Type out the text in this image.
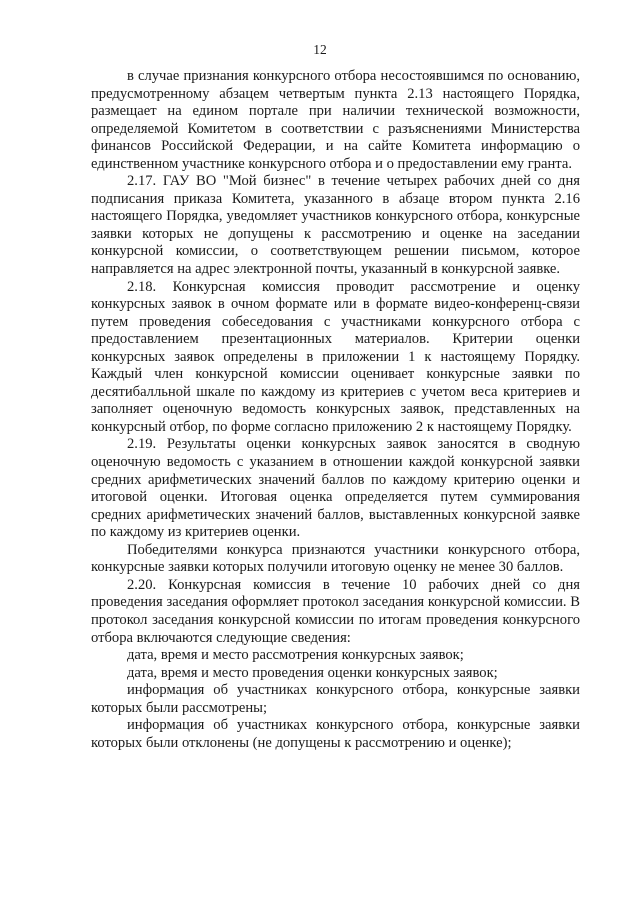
12

в случае признания конкурсного отбора несостоявшимся по основанию, предусмотренному абзацем четвертым пункта 2.13 настоящего Порядка, размещает на едином портале при наличии технической возможности, определяемой Комитетом в соответствии с разъяснениями Министерства финансов Российской Федерации, и на сайте Комитета информацию о единственном участнике конкурсного отбора и о предоставлении ему гранта.

2.17. ГАУ ВО "Мой бизнес" в течение четырех рабочих дней со дня подписания приказа Комитета, указанного в абзаце втором пункта 2.16 настоящего Порядка, уведомляет участников конкурсного отбора, конкурсные заявки которых не допущены к рассмотрению и оценке на заседании конкурсной комиссии, о соответствующем решении письмом, которое направляется на адрес электронной почты, указанный в конкурсной заявке.

2.18. Конкурсная комиссия проводит рассмотрение и оценку конкурсных заявок в очном формате или в формате видео-конференц-связи путем проведения собеседования с участниками конкурсного отбора с предоставлением презентационных материалов. Критерии оценки конкурсных заявок определены в приложении 1 к настоящему Порядку. Каждый член конкурсной комиссии оценивает конкурсные заявки по десятибалльной шкале по каждому из критериев с учетом веса критериев и заполняет оценочную ведомость конкурсных заявок, представленных на конкурсный отбор, по форме согласно приложению 2 к настоящему Порядку.

2.19. Результаты оценки конкурсных заявок заносятся в сводную оценочную ведомость с указанием в отношении каждой конкурсной заявки средних арифметических значений баллов по каждому критерию оценки и итоговой оценки. Итоговая оценка определяется путем суммирования средних арифметических значений баллов, выставленных конкурсной заявке по каждому из критериев оценки.

Победителями конкурса признаются участники конкурсного отбора, конкурсные заявки которых получили итоговую оценку не менее 30 баллов.

2.20. Конкурсная комиссия в течение 10 рабочих дней со дня проведения заседания оформляет протокол заседания конкурсной комиссии. В протокол заседания конкурсной комиссии по итогам проведения конкурсного отбора включаются следующие сведения:

дата, время и место рассмотрения конкурсных заявок;

дата, время и место проведения оценки конкурсных заявок;

информация об участниках конкурсного отбора, конкурсные заявки которых были рассмотрены;

информация об участниках конкурсного отбора, конкурсные заявки которых были отклонены (не допущены к рассмотрению и оценке);
